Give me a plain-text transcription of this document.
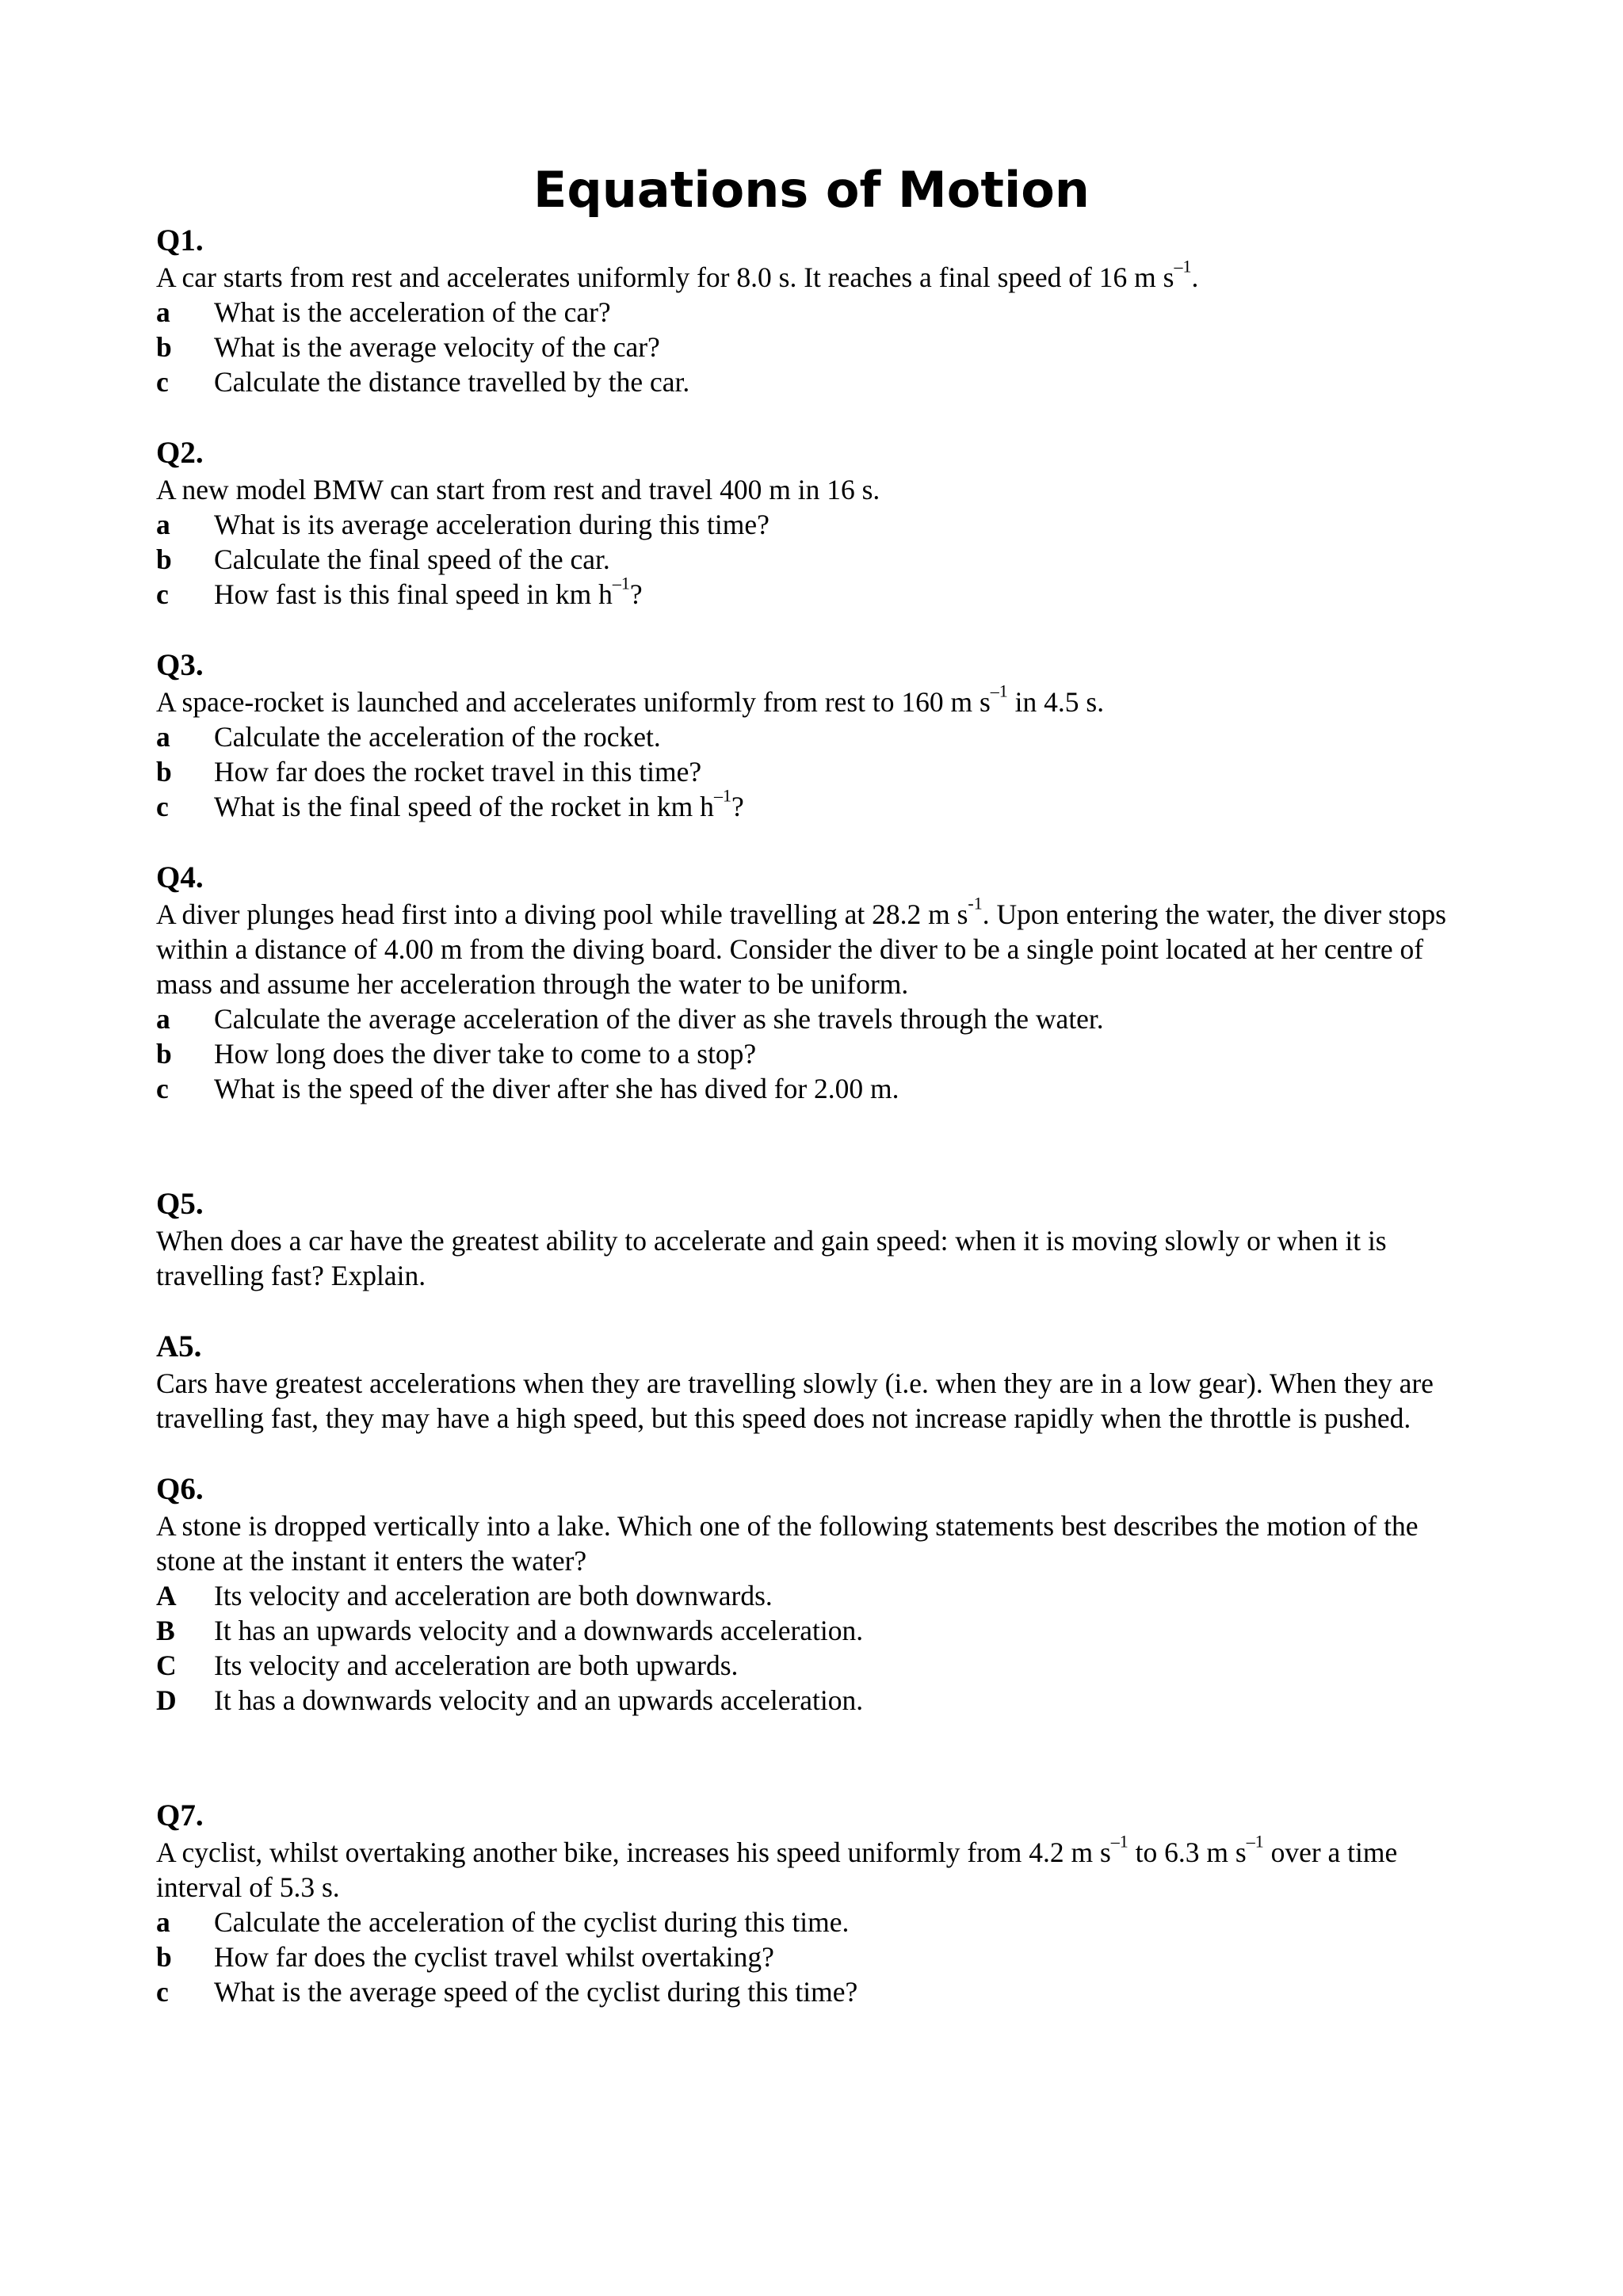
Equations of Motion
Q1.
A car starts from rest and accelerates uniformly for 8.0 s. It reaches a final speed of 16 m $s^{-1}$.
a	What is the acceleration of the car?
b	What is the average velocity of the car?
c	Calculate the distance travelled by the car.
Q2.
A new model BMW can start from rest and travel 400 m in 16 s.
a	What is its average acceleration during this time?
b	Calculate the final speed of the car.
c	How fast is this final speed in km $h^{-1}$?
Q3.
A space-rocket is launched and accelerates uniformly from rest to 160 m $s^{-1}$ in 4.5 s.
a	Calculate the acceleration of the rocket.
b	How far does the rocket travel in this time?
c	What is the final speed of the rocket in km $h^{-1}$?
Q4.
A diver plunges head first into a diving pool while travelling at 28.2 m $s^{-1}$. Upon entering the water, the diver stops within a distance of 4.00 m from the diving board. Consider the diver to be a single point located at her centre of mass and assume her acceleration through the water to be uniform.
a	Calculate the average acceleration of the diver as she travels through the water.
b	How long does the diver take to come to a stop?
c	What is the speed of the diver after she has dived for 2.00 m.
Q5.
When does a car have the greatest ability to accelerate and gain speed: when it is moving slowly or when it is travelling fast? Explain.
A5.
Cars have greatest accelerations when they are travelling slowly (i.e. when they are in a low gear). When they are travelling fast, they may have a high speed, but this speed does not increase rapidly when the throttle is pushed.
Q6.
A stone is dropped vertically into a lake. Which one of the following statements best describes the motion of the stone at the instant it enters the water?
A	Its velocity and acceleration are both downwards.
B	It has an upwards velocity and a downwards acceleration.
C	Its velocity and acceleration are both upwards.
D	It has a downwards velocity and an upwards acceleration.
Q7.
A cyclist, whilst overtaking another bike, increases his speed uniformly from 4.2 m $s^{-1}$ to 6.3 m $s^{-1}$ over a time interval of 5.3 s.
a	Calculate the acceleration of the cyclist during this time.
b	How far does the cyclist travel whilst overtaking?
c	What is the average speed of the cyclist during this time?
